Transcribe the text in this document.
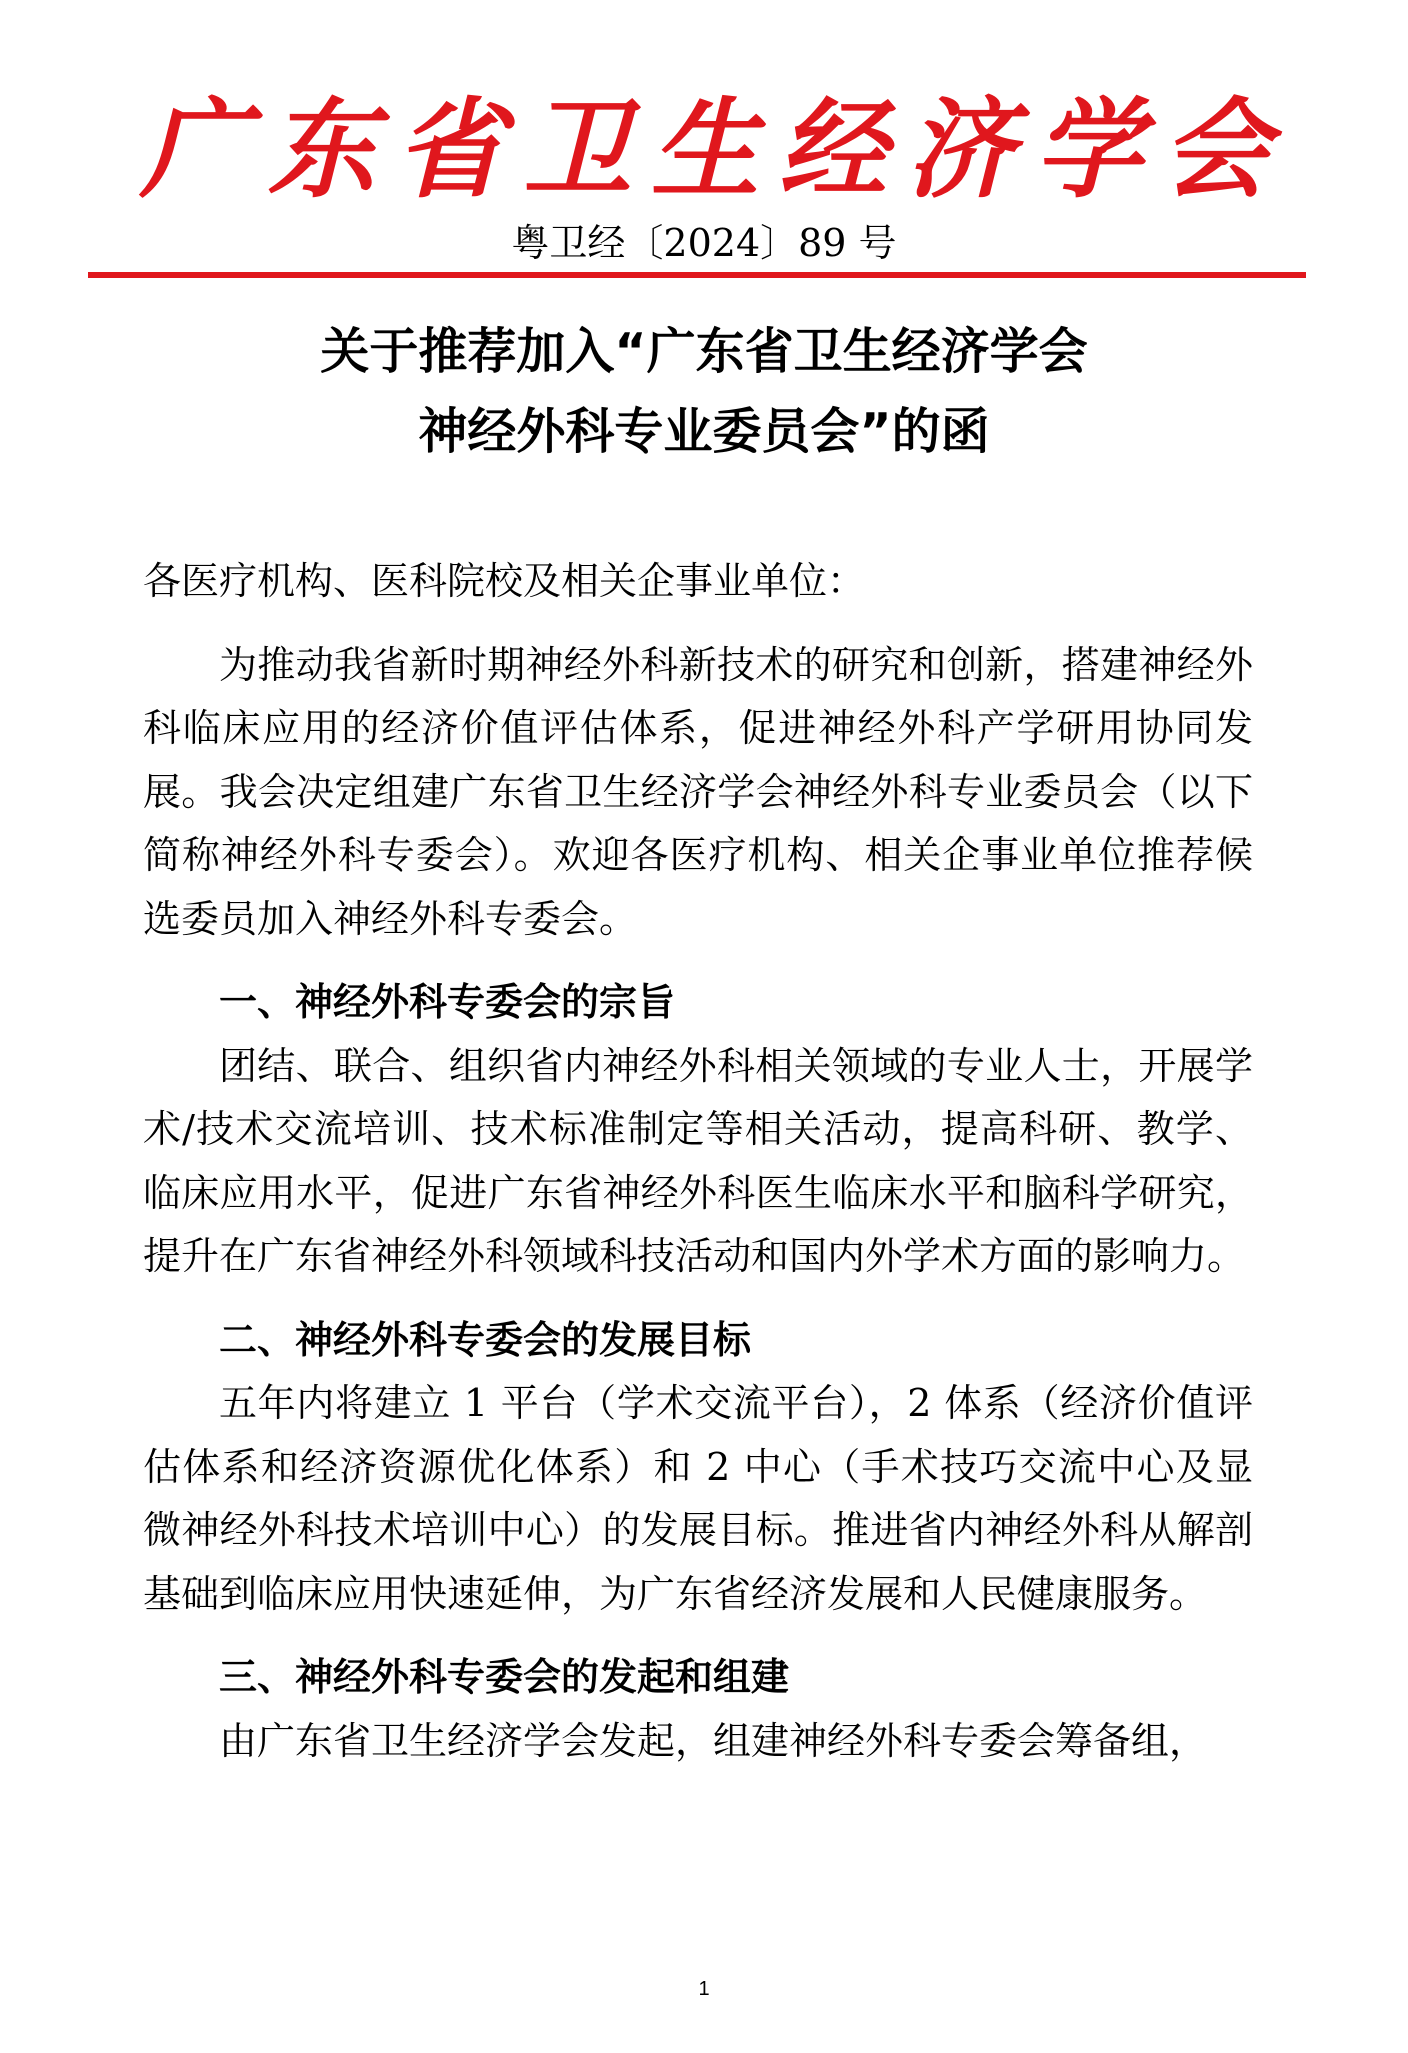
广 东 省 卫 生 经 济 学 会
粤卫经〔2024〕89 号
关于推荐加入“广东省卫生经济学会
神经外科专业委员会”的函

各医疗机构、医科院校及相关企事业单位：

为推动我省新时期神经外科新技术的研究和创新，搭建神经外科临床应用的经济价值评估体系，促进神经外科产学研用协同发展。我会决定组建广东省卫生经济学会神经外科专业委员会（以下简称神经外科专委会）。欢迎各医疗机构、相关企事业单位推荐候选委员加入神经外科专委会。

一、神经外科专委会的宗旨

团结、联合、组织省内神经外科相关领域的专业人士，开展学术/技术交流培训、技术标准制定等相关活动，提高科研、教学、临床应用水平，促进广东省神经外科医生临床水平和脑科学研究，提升在广东省神经外科领域科技活动和国内外学术方面的影响力。

二、神经外科专委会的发展目标

五年内将建立 1 平台（学术交流平台），2 体系（经济价值评估体系和经济资源优化体系）和 2 中心（手术技巧交流中心及显微神经外科技术培训中心）的发展目标。推进省内神经外科从解剖基础到临床应用快速延伸，为广东省经济发展和人民健康服务。

三、神经外科专委会的发起和组建

由广东省卫生经济学会发起，组建神经外科专委会筹备组，

1
